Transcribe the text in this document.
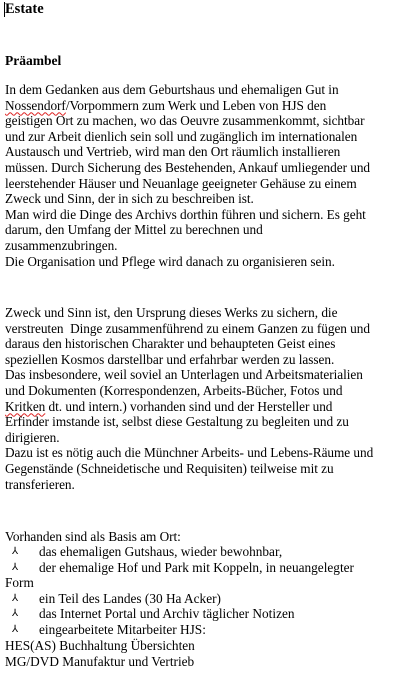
Estate
Präambel

In dem Gedanken aus dem Geburtshaus und ehemaligen Gut in
Nossendorf/Vorpommern zum Werk und Leben von HJS den
geistigen Ort zu machen, wo das Oeuvre zusammenkommt, sichtbar
und zur Arbeit dienlich sein soll und zugänglich im internationalen
Austausch und Vertrieb, wird man den Ort räumlich installieren
müssen. Durch Sicherung des Bestehenden, Ankauf umliegender und
leerstehender Häuser und Neuanlage geeigneter Gehäuse zu einem
Zweck und Sinn, der in sich zu beschreiben ist.
Man wird die Dinge des Archivs dorthin führen und sichern. Es geht
darum, den Umfang der Mittel zu berechnen und
zusammenzubringen.
Die Organisation und Pflege wird danach zu organisieren sein.

Zweck und Sinn ist, den Ursprung dieses Werks zu sichern, die
verstreuten  Dinge zusammenführend zu einem Ganzen zu fügen und
daraus den historischen Charakter und behaupteten Geist eines
speziellen Kosmos darstellbar und erfahrbar werden zu lassen.
Das insbesondere, weil soviel an Unterlagen und Arbeitsmaterialien
und Dokumenten (Korrespondenzen, Arbeits-Bücher, Fotos und
Kritken dt. und intern.) vorhanden sind und der Hersteller und
Erfinder imstande ist, selbst diese Gestaltung zu begleiten und zu
dirigieren.
Dazu ist es nötig auch die Münchner Arbeits- und Lebens-Räume und
Gegenstände (Schneidetische und Requisiten) teilweise mit zu
transferieren.

Vorhanden sind als Basis am Ort:

⅄ das ehemaligen Gutshaus, wieder bewohnbar,
⅄ der ehemalige Hof und Park mit Koppeln, in neuangelegter
Form
⅄ ein Teil des Landes (30 Ha Acker)
⅄ das Internet Portal und Archiv täglicher Notizen
⅄ eingearbeitete Mitarbeiter HJS:

HES(AS) Buchhaltung Übersichten
MG/DVD Manufaktur und Vertrieb
